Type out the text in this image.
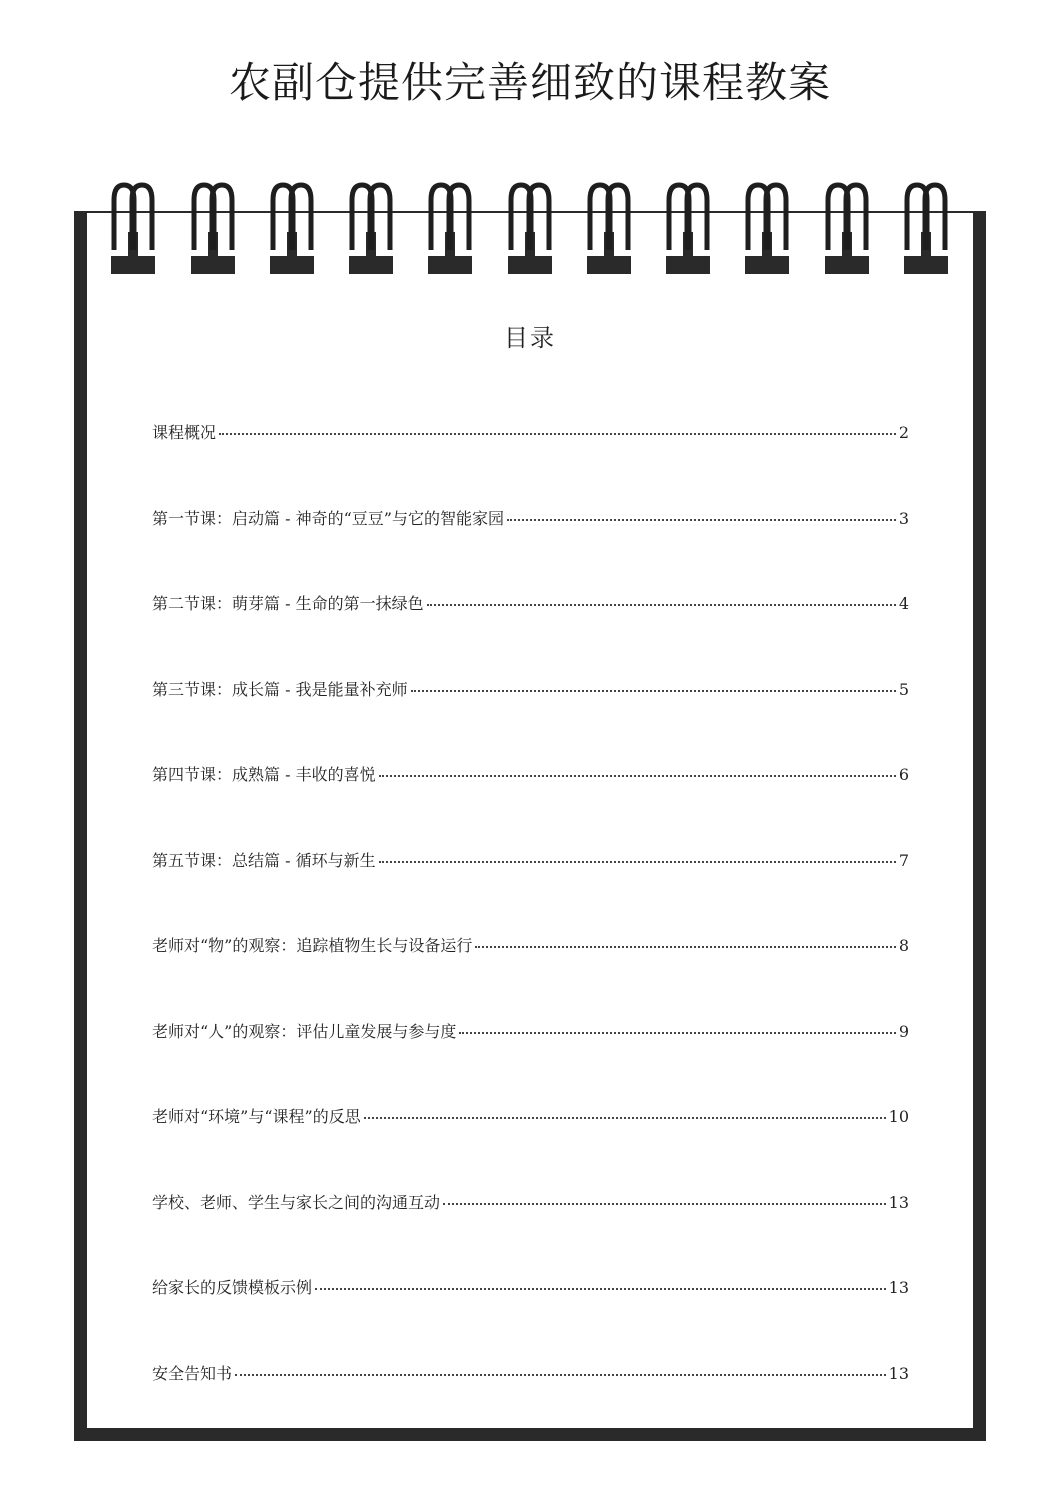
农副仓提供完善细致的课程教案
目录
课程概况	2
第一节课：启动篇 - 神奇的“豆豆”与它的智能家园	3
第二节课：萌芽篇 - 生命的第一抹绿色	4
第三节课：成长篇 - 我是能量补充师	5
第四节课：成熟篇 - 丰收的喜悦	6
第五节课：总结篇 - 循环与新生	7
老师对“物”的观察：追踪植物生长与设备运行	8
老师对“人”的观察：评估儿童发展与参与度	9
老师对“环境”与“课程”的反思	10
学校、老师、学生与家长之间的沟通互动	13
给家长的反馈模板示例	13
安全告知书	13
